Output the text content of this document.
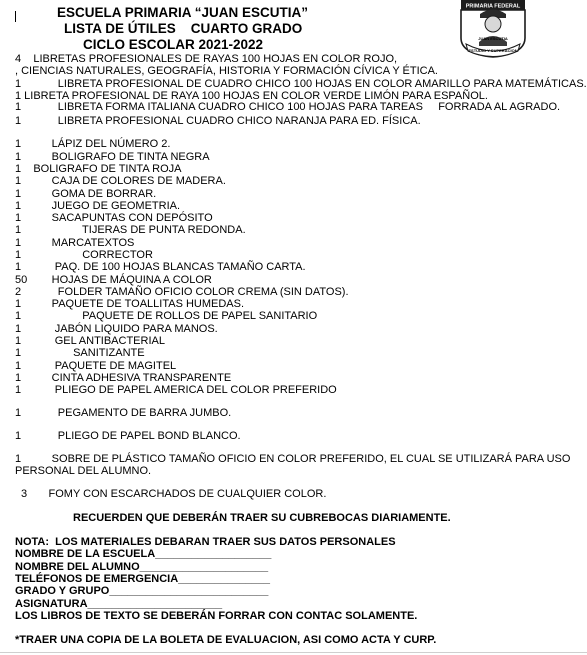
ESCUELA PRIMARIA “JUAN ESCUTIA”
LISTA DE ÚTILES    CUARTO GRADO
CICLO ESCOLAR 2021-2022
PRIMARIA FEDERAL
JUAN ESCUTIA
ESTUDIO Y SUPERACION
4    LIBRETAS PROFESIONALES DE RAYAS 100 HOJAS EN COLOR ROJO,
, CIENCIAS NATURALES, GEOGRAFÍA, HISTORIA Y FORMACIÓN CÍVICA Y ÉTICA.
1            LIBRETA PROFESIONAL DE CUADRO CHICO 100 HOJAS EN COLOR AMARILLO PARA MATEMÁTICAS.
1 LIBRETA PROFESIONAL DE RAYA 100 HOJAS EN COLOR VERDE LIMÓN PARA ESPAÑOL.
1            LIBRETA FORMA ITALIANA CUADRO CHICO 100 HOJAS PARA TAREAS     FORRADA AL AGRADO.
1            LIBRETA PROFESIONAL CUADRO CHICO NARANJA PARA ED. FÍSICA.
1          LÁPIZ DEL NÚMERO 2.
1          BOLIGRAFO DE TINTA NEGRA
1    BOLIGRAFO DE TINTA ROJA
1          CAJA DE COLORES DE MADERA.
1          GOMA DE BORRAR.
1          JUEGO DE GEOMETRIA.
1          SACAPUNTAS CON DEPÓSITO
1                    TIJERAS DE PUNTA REDONDA.
1          MARCATEXTOS
1                    CORRECTOR
1           PAQ. DE 100 HOJAS BLANCAS TAMAÑO CARTA.
50        HOJAS DE MÁQUINA A COLOR
2            FOLDER TAMAÑO OFICIO COLOR CREMA (SIN DATOS).
1          PAQUETE DE TOALLITAS HUMEDAS.
1                    PAQUETE DE ROLLOS DE PAPEL SANITARIO
1           JABÓN LIQUIDO PARA MANOS.
1           GEL ANTIBACTERIAL
1                 SANITIZANTE
1           PAQUETE DE MAGITEL
1          CINTA ADHESIVA TRANSPARENTE
1           PLIEGO DE PAPEL AMERICA DEL COLOR PREFERIDO
1            PEGAMENTO DE BARRA JUMBO.
1            PLIEGO DE PAPEL BOND BLANCO.
1          SOBRE DE PLÁSTICO TAMAÑO OFICIO EN COLOR PREFERIDO, EL CUAL SE UTILIZARÁ PARA USO
PERSONAL DEL ALUMNO.
3       FOMY CON ESCARCHADOS DE CUALQUIER COLOR.
RECUERDEN QUE DEBERÁN TRAER SU CUBREBOCAS DIARIAMENTE.
NOTA:  LOS MATERIALES DEBARAN TRAER SUS DATOS PERSONALES
NOMBRE DE LA ESCUELA___________________
NOMBRE DEL ALUMNO_____________________
TELÉFONOS DE EMERGENCIA_______________
GRADO Y GRUPO__________________________
ASIGNATURA______________________
LOS LIBROS DE TEXTO SE DEBERÁN FORRAR CON CONTAC SOLAMENTE.
*TRAER UNA COPIA DE LA BOLETA DE EVALUACION, ASI COMO ACTA Y CURP.
